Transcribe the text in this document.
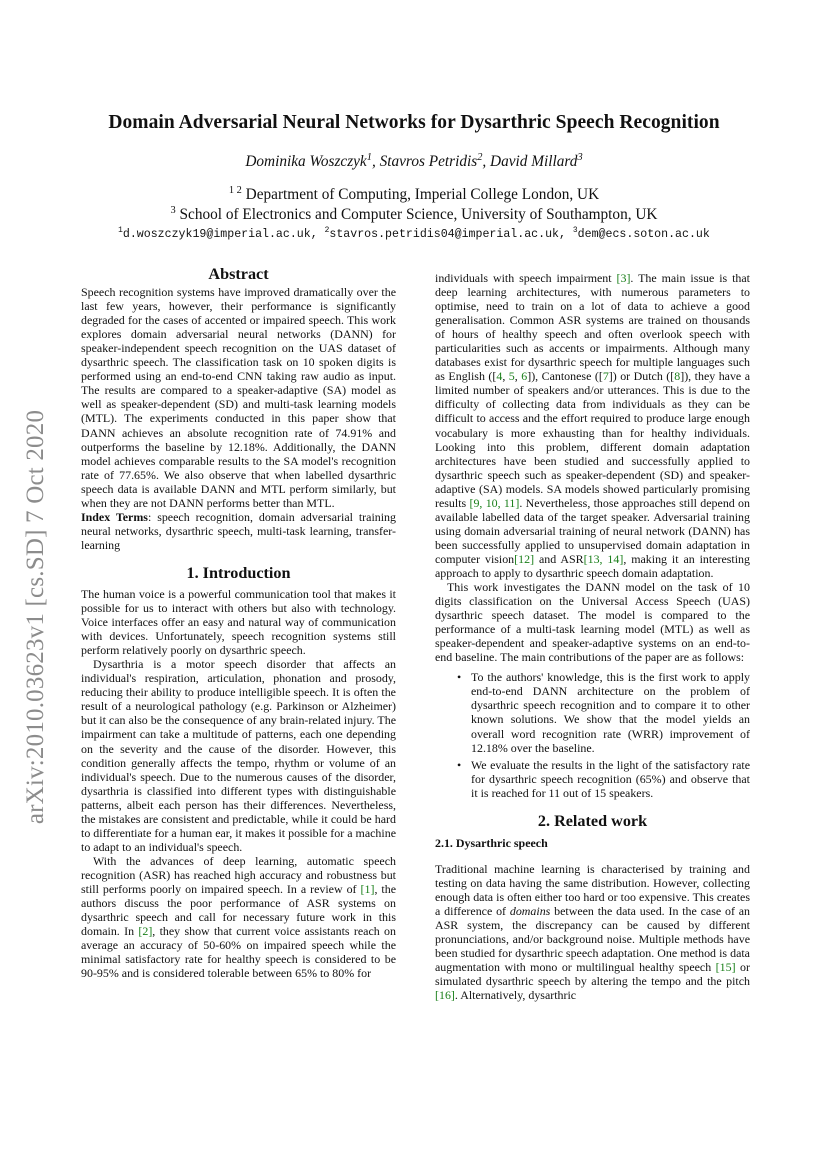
arXiv:2010.03623v1 [cs.SD] 7 Oct 2020
Domain Adversarial Neural Networks for Dysarthric Speech Recognition
Dominika Woszczyk$^1$, Stavros Petridis$^2$, David Millard$^3$
$^{1 2}$ Department of Computing, Imperial College London, UK
$^3$ School of Electronics and Computer Science, University of Southampton, UK
$^1$d.woszczyk19@imperial.ac.uk, $^2$stavros.petridis04@imperial.ac.uk, $^3$dem@ecs.soton.ac.uk
Abstract

Speech recognition systems have improved dramatically over the last few years, however, their performance is significantly degraded for the cases of accented or impaired speech. This work explores domain adversarial neural networks (DANN) for speaker-independent speech recognition on the UAS dataset of dysarthric speech. The classification task on 10 spoken digits is performed using an end-to-end CNN taking raw audio as input. The results are compared to a speaker-adaptive (SA) model as well as speaker-dependent (SD) and multi-task learning models (MTL). The experiments conducted in this paper show that DANN achieves an absolute recognition rate of 74.91% and outperforms the baseline by 12.18%. Additionally, the DANN model achieves comparable results to the SA model's recognition rate of 77.65%. We also observe that when labelled dysarthric speech data is available DANN and MTL perform similarly, but when they are not DANN performs better than MTL.

Index Terms: speech recognition, domain adversarial training neural networks, dysarthric speech, multi-task learning, transfer-learning

1. Introduction

The human voice is a powerful communication tool that makes it possible for us to interact with others but also with technology. Voice interfaces offer an easy and natural way of communication with devices. Unfortunately, speech recognition systems still perform relatively poorly on dysarthric speech.

Dysarthria is a motor speech disorder that affects an individual's respiration, articulation, phonation and prosody, reducing their ability to produce intelligible speech. It is often the result of a neurological pathology (e.g. Parkinson or Alzheimer) but it can also be the consequence of any brain-related injury. The impairment can take a multitude of patterns, each one depending on the severity and the cause of the disorder. However, this condition generally affects the tempo, rhythm or volume of an individual's speech. Due to the numerous causes of the disorder, dysarthria is classified into different types with distinguishable patterns, albeit each person has their differences. Nevertheless, the mistakes are consistent and predictable, while it could be hard to differentiate for a human ear, it makes it possible for a machine to adapt to an individual's speech.

With the advances of deep learning, automatic speech recognition (ASR) has reached high accuracy and robustness but still performs poorly on impaired speech. In a review of [1], the authors discuss the poor performance of ASR systems on dysarthric speech and call for necessary future work in this domain. In [2], they show that current voice assistants reach on average an accuracy of 50-60% on impaired speech while the minimal satisfactory rate for healthy speech is considered to be 90-95% and is considered tolerable between 65% to 80% for

individuals with speech impairment [3]. The main issue is that deep learning architectures, with numerous parameters to optimise, need to train on a lot of data to achieve a good generalisation. Common ASR systems are trained on thousands of hours of healthy speech and often overlook speech with particularities such as accents or impairments. Although many databases exist for dysarthric speech for multiple languages such as English ([4, 5, 6]), Cantonese ([7]) or Dutch ([8]), they have a limited number of speakers and/or utterances. This is due to the difficulty of collecting data from individuals as they can be difficult to access and the effort required to produce large enough vocabulary is more exhausting than for healthy individuals. Looking into this problem, different domain adaptation architectures have been studied and successfully applied to dysarthric speech such as speaker-dependent (SD) and speaker-adaptive (SA) models. SA models showed particularly promising results [9, 10, 11]. Nevertheless, those approaches still depend on available labelled data of the target speaker. Adversarial training using domain adversarial training of neural network (DANN) has been successfully applied to unsupervised domain adaptation in computer vision[12] and ASR[13, 14], making it an interesting approach to apply to dysarthric speech domain adaptation.

This work investigates the DANN model on the task of 10 digits classification on the Universal Access Speech (UAS) dysarthric speech dataset. The model is compared to the performance of a multi-task learning model (MTL) as well as speaker-dependent and speaker-adaptive systems on an end-to-end baseline. The main contributions of the paper are as follows:

• To the authors' knowledge, this is the first work to apply end-to-end DANN architecture on the problem of dysarthric speech recognition and to compare it to other known solutions. We show that the model yields an overall word recognition rate (WRR) improvement of 12.18% over the baseline.
• We evaluate the results in the light of the satisfactory rate for dysarthric speech recognition (65%) and observe that it is reached for 11 out of 15 speakers.
2. Related work
2.1. Dysarthric speech

Traditional machine learning is characterised by training and testing on data having the same distribution. However, collecting enough data is often either too hard or too expensive. This creates a difference of domains between the data used. In the case of an ASR system, the discrepancy can be caused by different pronunciations, and/or background noise. Multiple methods have been studied for dysarthric speech adaptation. One method is data augmentation with mono or multilingual healthy speech [15] or simulated dysarthric speech by altering the tempo and the pitch [16]. Alternatively, dysarthric
